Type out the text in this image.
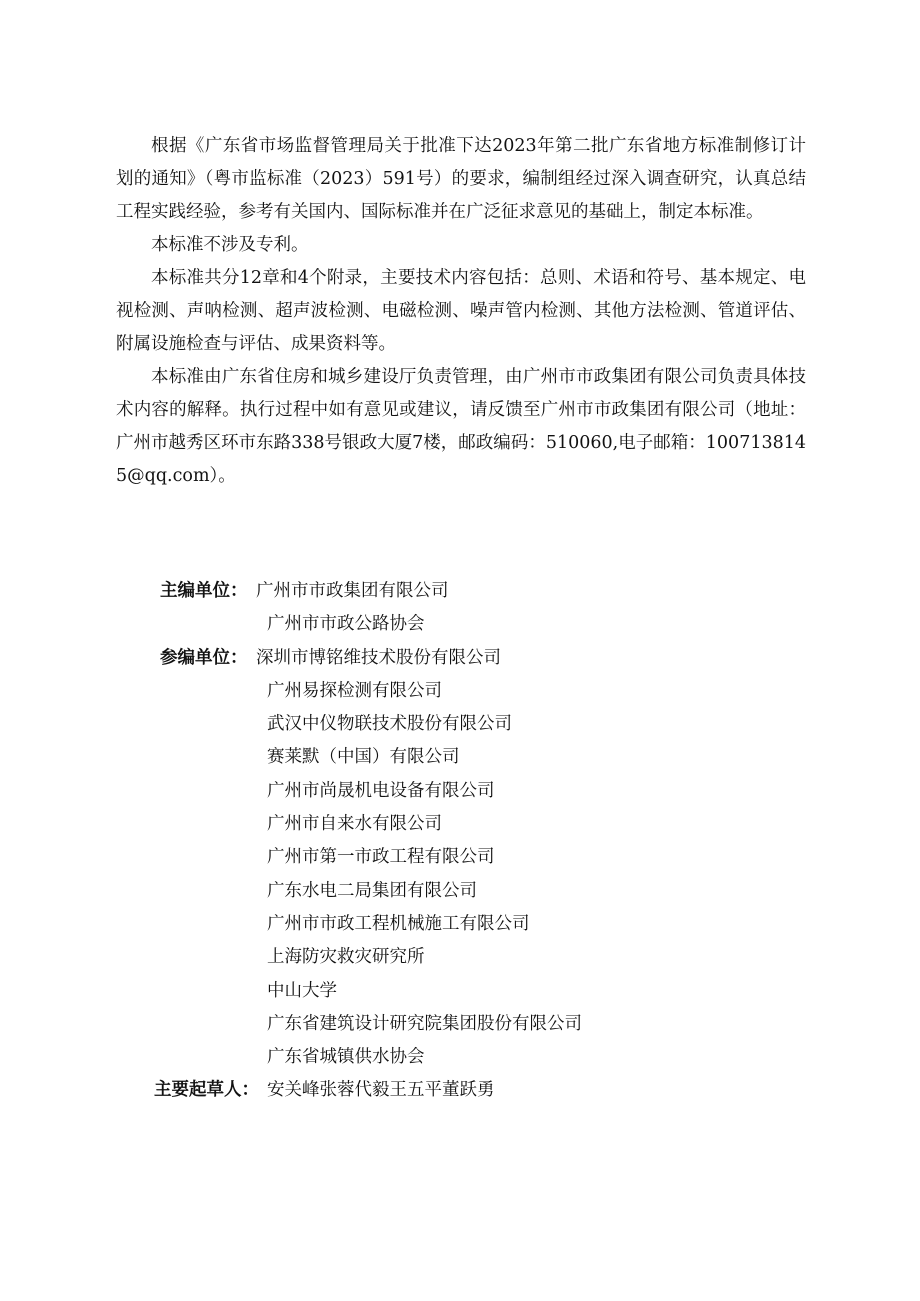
根据《广东省市场监督管理局关于批准下达2023年第二批广东省地方标准制修订计划的通知》（粤市监标准（2023）591号）的要求，编制组经过深入调查研究，认真总结工程实践经验，参考有关国内、国际标准并在广泛征求意见的基础上，制定本标准。

本标准不涉及专利。

本标准共分12章和4个附录，主要技术内容包括：总则、术语和符号、基本规定、电视检测、声呐检测、超声波检测、电磁检测、噪声管内检测、其他方法检测、管道评估、附属设施检查与评估、成果资料等。

本标准由广东省住房和城乡建设厅负责管理，由广州市市政集团有限公司负责具体技术内容的解释。执行过程中如有意见或建议，请反馈至广州市市政集团有限公司（地址：广州市越秀区环市东路338号银政大厦7楼，邮政编码：510060,电子邮箱：1007138145@qq.com）。

主编单位： 广州市市政集团有限公司
广州市市政公路协会
参编单位： 深圳市博铭维技术股份有限公司
广州易探检测有限公司
武汉中仪物联技术股份有限公司
赛莱默（中国）有限公司
广州市尚晟机电设备有限公司
广州市自来水有限公司
广州市第一市政工程有限公司
广东水电二局集团有限公司
广州市市政工程机械施工有限公司
上海防灾救灾研究所
中山大学
广东省建筑设计研究院集团股份有限公司
广东省城镇供水协会
主要起草人： 安关峰张蓉代毅王五平董跃勇
